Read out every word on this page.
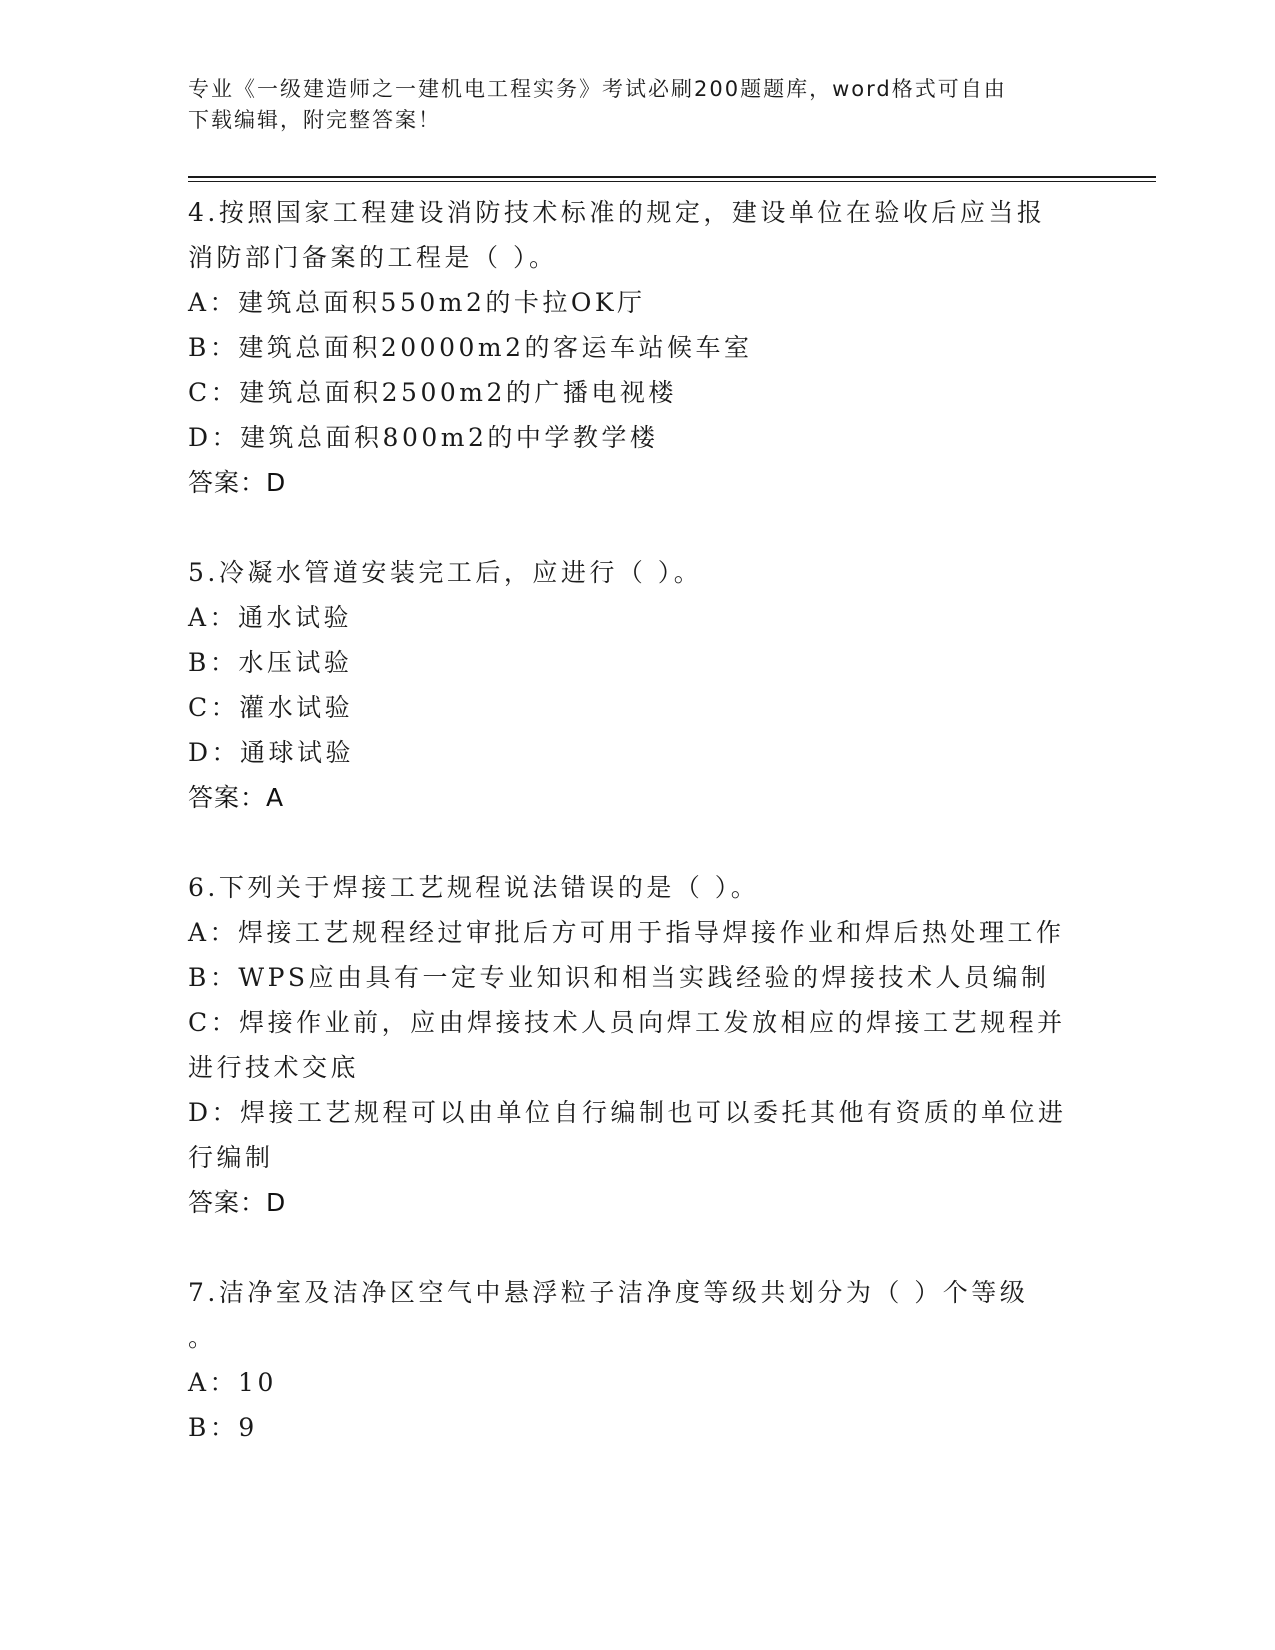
专业《一级建造师之一建机电工程实务》考试必刷200题题库，word格式可自由
下载编辑，附完整答案！
4.按照国家工程建设消防技术标准的规定，建设单位在验收后应当报
消防部门备案的工程是（ ）。
A：建筑总面积550m2的卡拉OK厅
B：建筑总面积20000m2的客运车站候车室
C：建筑总面积2500m2的广播电视楼
D：建筑总面积800m2的中学教学楼
答案：D
5.冷凝水管道安装完工后，应进行（ ）。
A：通水试验
B：水压试验
C：灌水试验
D：通球试验
答案：A
6.下列关于焊接工艺规程说法错误的是（ ）。
A：焊接工艺规程经过审批后方可用于指导焊接作业和焊后热处理工作
B：WPS应由具有一定专业知识和相当实践经验的焊接技术人员编制
C：焊接作业前，应由焊接技术人员向焊工发放相应的焊接工艺规程并
进行技术交底
D：焊接工艺规程可以由单位自行编制也可以委托其他有资质的单位进
行编制
答案：D
7.洁净室及洁净区空气中悬浮粒子洁净度等级共划分为（ ）个等级
。
A：10
B：9
